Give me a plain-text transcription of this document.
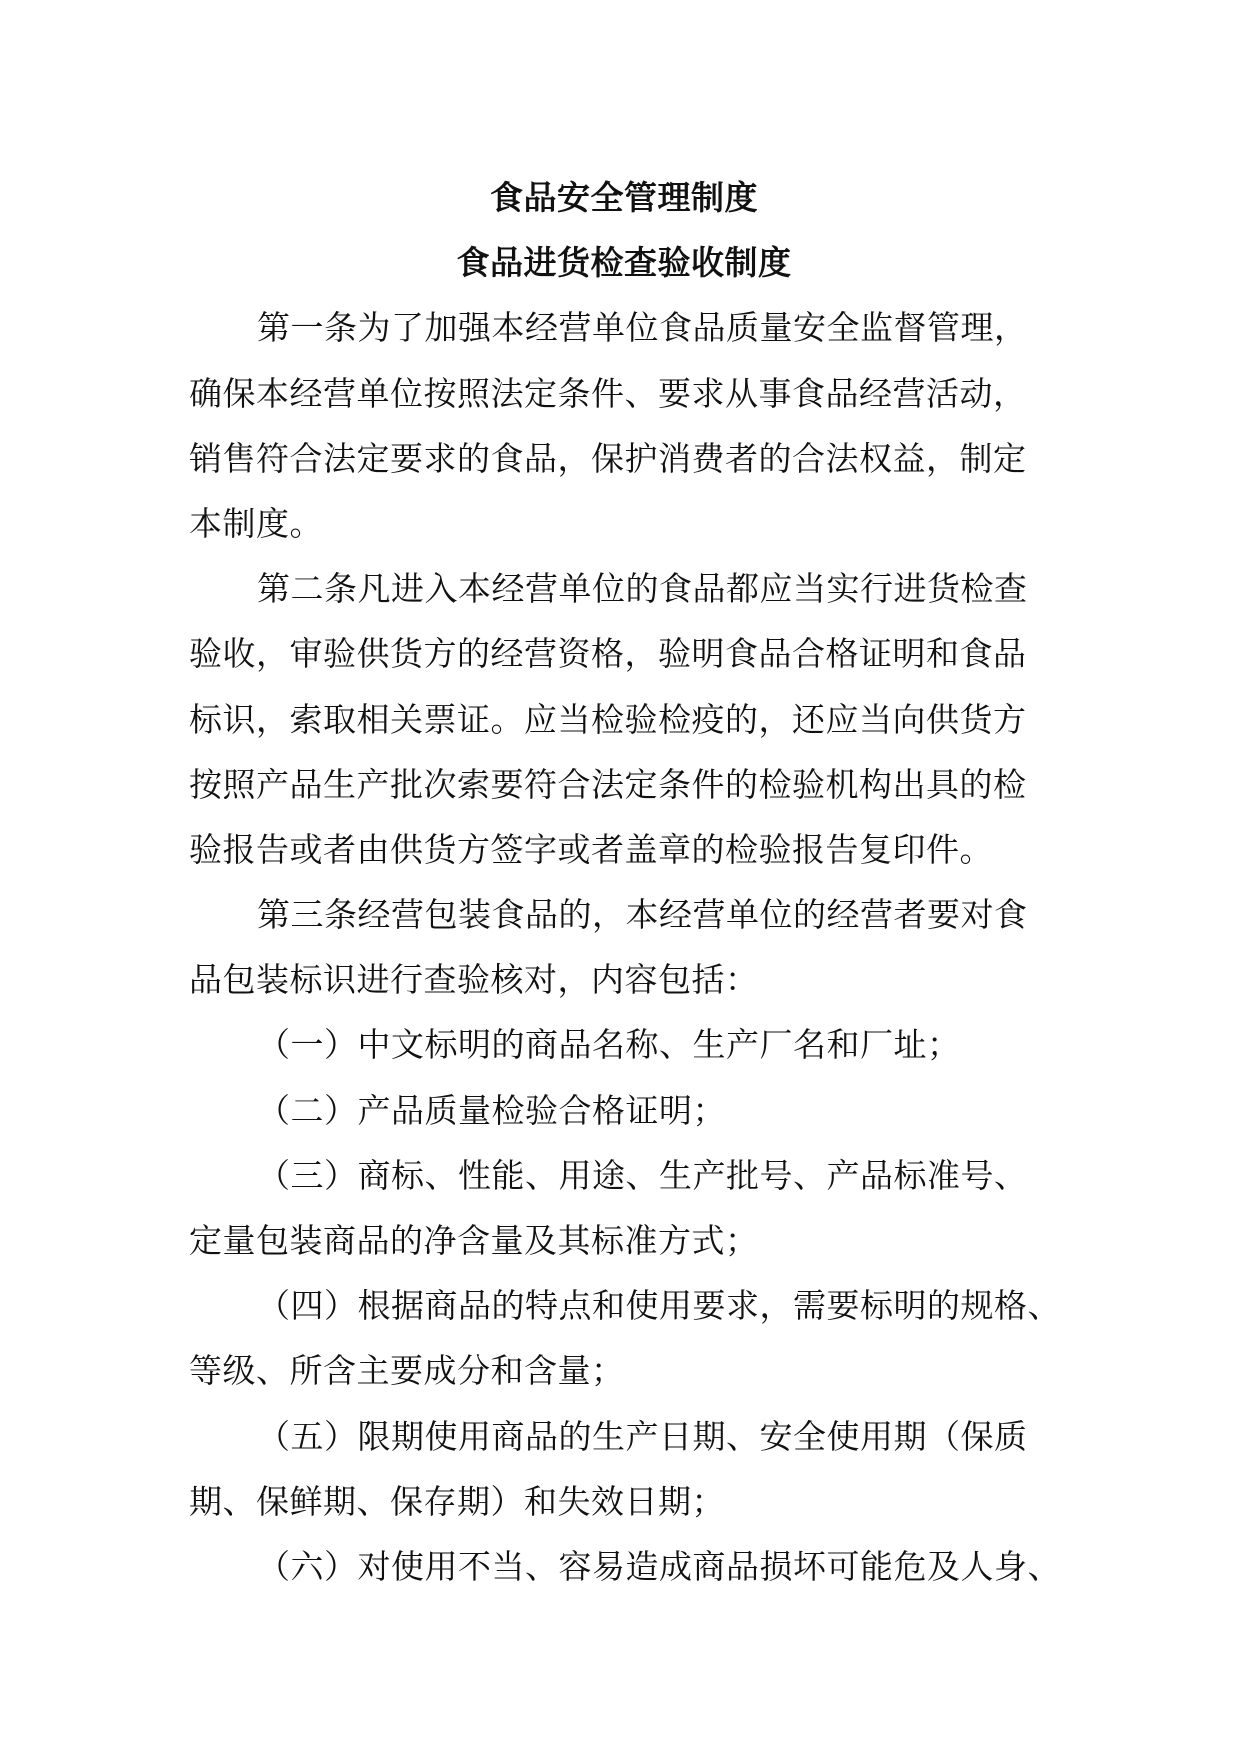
食品安全管理制度
食品进货检查验收制度
第一条为了加强本经营单位食品质量安全监督管理，
确保本经营单位按照法定条件、要求从事食品经营活动，
销售符合法定要求的食品，保护消费者的合法权益，制定
本制度。
第二条凡进入本经营单位的食品都应当实行进货检查
验收，审验供货方的经营资格，验明食品合格证明和食品
标识，索取相关票证。应当检验检疫的，还应当向供货方
按照产品生产批次索要符合法定条件的检验机构出具的检
验报告或者由供货方签字或者盖章的检验报告复印件。
第三条经营包装食品的，本经营单位的经营者要对食
品包装标识进行查验核对，内容包括：
（一）中文标明的商品名称、生产厂名和厂址；
（二）产品质量检验合格证明；
（三）商标、性能、用途、生产批号、产品标准号、
定量包装商品的净含量及其标准方式；
（四）根据商品的特点和使用要求，需要标明的规格、
等级、所含主要成分和含量；
（五）限期使用商品的生产日期、安全使用期（保质
期、保鲜期、保存期）和失效日期；
（六）对使用不当、容易造成商品损坏可能危及人身、
